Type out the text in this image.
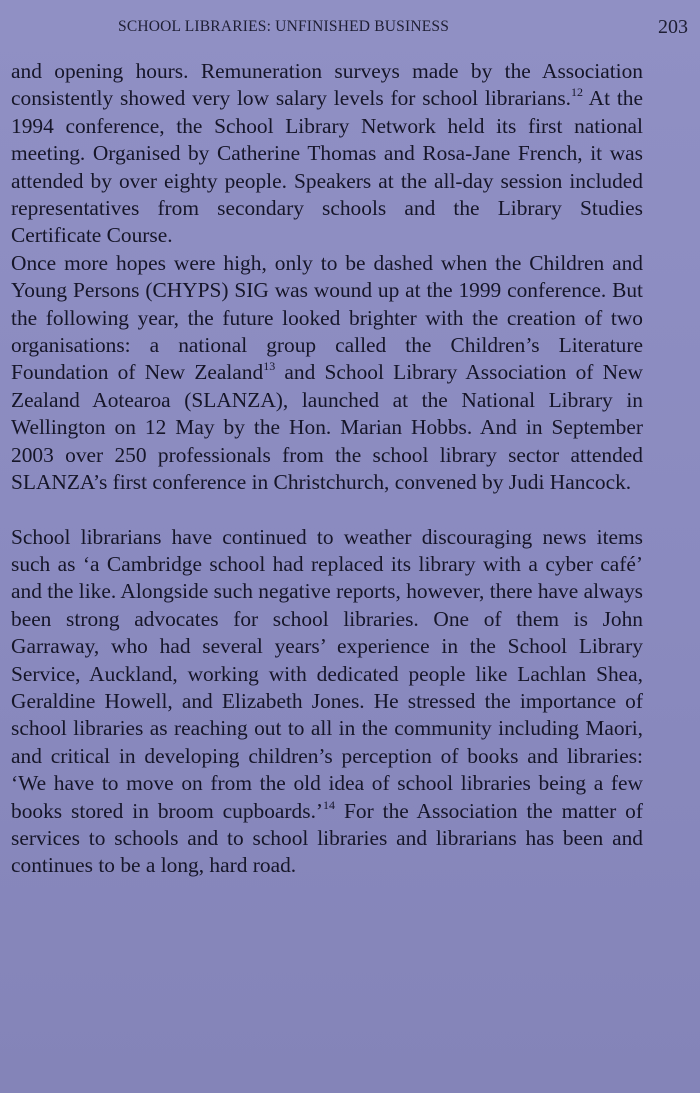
SCHOOL LIBRARIES: UNFINISHED BUSINESS	203

and opening hours. Remuneration surveys made by the Association consistently showed very low salary levels for school librarians.$^{12}$ At the 1994 conference, the School Library Network held its first national meeting. Organised by Catherine Thomas and Rosa-Jane French, it was attended by over eighty people. Speakers at the all-day session included representatives from secondary schools and the Library Studies Certificate Course.

Once more hopes were high, only to be dashed when the Children and Young Persons (CHYPS) SIG was wound up at the 1999 conference. But the following year, the future looked brighter with the creation of two organisations: a national group called the Children’s Literature Foundation of New Zealand$^{13}$ and School Library Association of New Zealand Aotearoa (SLANZA), launched at the National Library in Wellington on 12 May by the Hon. Marian Hobbs. And in September 2003 over 250 professionals from the school library sector attended SLANZA’s first conference in Christchurch, convened by Judi Hancock.

School librarians have continued to weather discouraging news items such as ‘a Cambridge school had replaced its library with a cyber café’ and the like. Alongside such negative reports, however, there have always been strong advocates for school libraries. One of them is John Garraway, who had several years’ experience in the School Library Service, Auckland, working with dedicated people like Lachlan Shea, Geraldine Howell, and Elizabeth Jones. He stressed the importance of school libraries as reaching out to all in the community including Maori, and critical in developing children’s perception of books and libraries: ‘We have to move on from the old idea of school libraries being a few books stored in broom cupboards.’$^{14}$ For the Association the matter of services to schools and to school libraries and librarians has been and continues to be a long, hard road.
